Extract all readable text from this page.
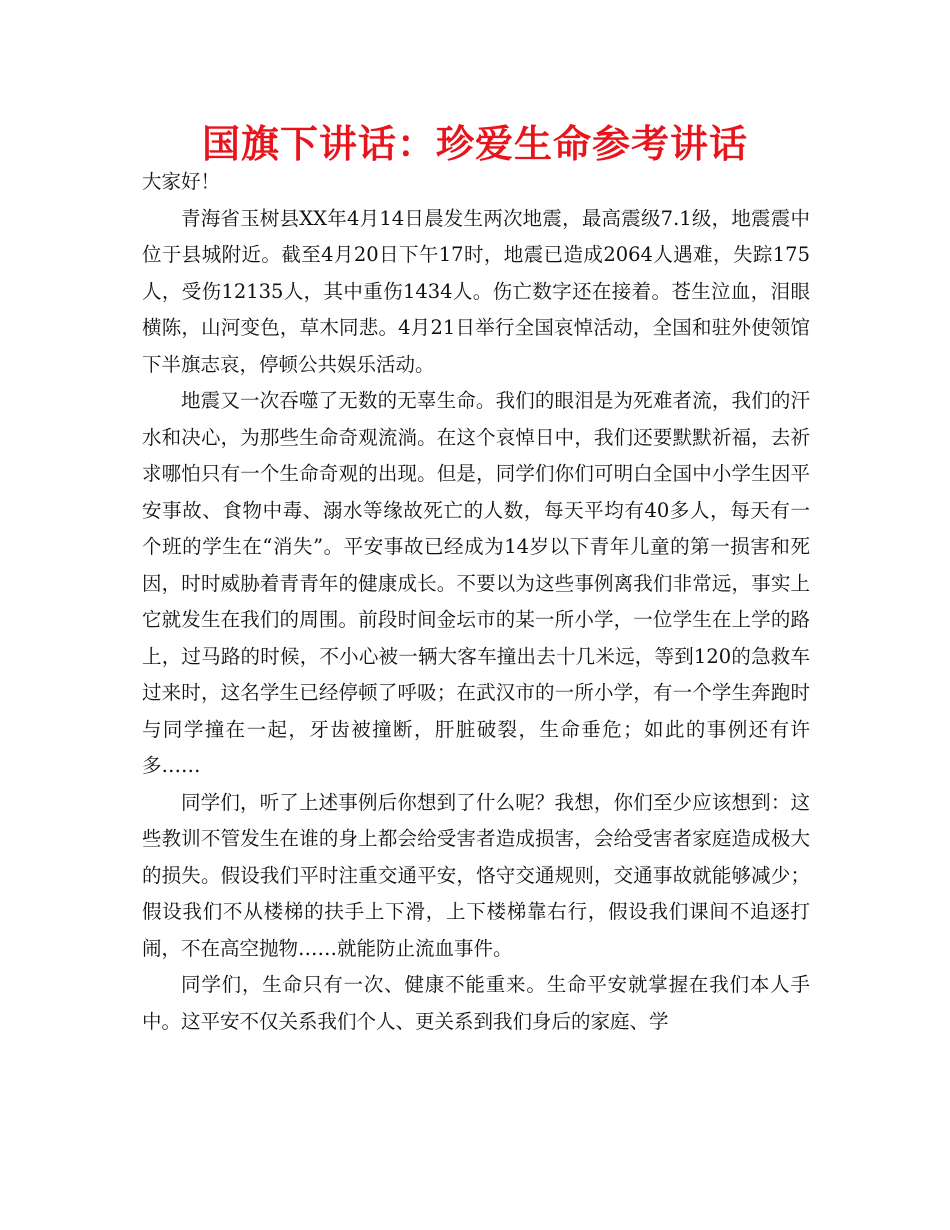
国旗下讲话：珍爱生命参考讲话

大家好！

青海省玉树县XX年4月14日晨发生两次地震，最高震级7.1级，地震震中位于县城附近。截至4月20日下午17时，地震已造成2064人遇难，失踪175人，受伤12135人，其中重伤1434人。伤亡数字还在接着。苍生泣血，泪眼横陈，山河变色，草木同悲。4月21日举行全国哀悼活动，全国和驻外使领馆下半旗志哀，停顿公共娱乐活动。

地震又一次吞噬了无数的无辜生命。我们的眼泪是为死难者流，我们的汗水和决心，为那些生命奇观流淌。在这个哀悼日中，我们还要默默祈福，去祈求哪怕只有一个生命奇观的出现。但是，同学们你们可明白全国中小学生因平安事故、食物中毒、溺水等缘故死亡的人数，每天平均有40多人，每天有一个班的学生在“消失”。平安事故已经成为14岁以下青年儿童的第一损害和死因，时时威胁着青青年的健康成长。不要以为这些事例离我们非常远，事实上它就发生在我们的周围。前段时间金坛市的某一所小学，一位学生在上学的路上，过马路的时候，不小心被一辆大客车撞出去十几米远，等到120的急救车过来时，这名学生已经停顿了呼吸；在武汉市的一所小学，有一个学生奔跑时与同学撞在一起，牙齿被撞断，肝脏破裂，生命垂危；如此的事例还有许多……

同学们，听了上述事例后你想到了什么呢？我想，你们至少应该想到：这些教训不管发生在谁的身上都会给受害者造成损害，会给受害者家庭造成极大的损失。假设我们平时注重交通平安，恪守交通规则，交通事故就能够减少；假设我们不从楼梯的扶手上下滑，上下楼梯靠右行，假设我们课间不追逐打闹，不在高空抛物……就能防止流血事件。

同学们，生命只有一次、健康不能重来。生命平安就掌握在我们本人手中。这平安不仅关系我们个人、更关系到我们身后的家庭、学
